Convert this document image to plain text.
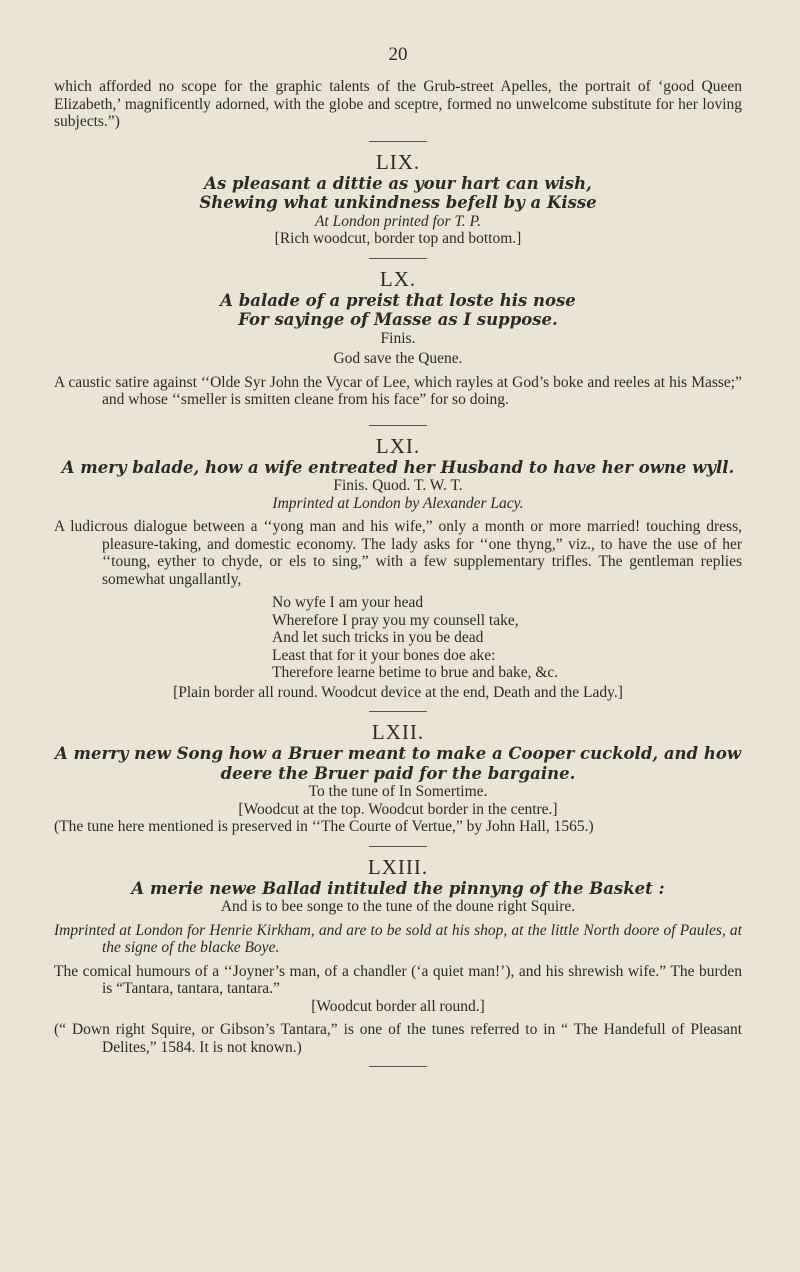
20

which afforded no scope for the graphic talents of the Grub-street Apelles, the portrait of ‘good Queen Elizabeth,’ magnificently adorned, with the globe and sceptre, formed no unwelcome substitute for her loving subjects.”)

LIX.
As pleasant a dittie as your hart can wish,
Shewing what unkindness befell by a Kisse

At London printed for T. P.

[Rich woodcut, border top and bottom.]

LX.
A balade of a preist that loste his nose
For sayinge of Masse as I suppose.

Finis.

God save the Quene.

A caustic satire against ‘‘Olde Syr John the Vycar of Lee, which rayles at God’s boke and reeles at his Masse;” and whose ‘‘smeller is smitten cleane from his face” for so doing.

LXI.
A mery balade, how a wife entreated her Husband to have her owne wyll.

Finis. Quod. T. W. T.

Imprinted at London by Alexander Lacy.

A ludicrous dialogue between a ‘‘yong man and his wife,” only a month or more married! touching dress, pleasure-taking, and domestic economy. The lady asks for ‘‘one thyng,” viz., to have the use of her ‘‘toung, eyther to chyde, or els to sing,” with a few supplementary trifles. The gentleman replies somewhat ungallantly,

No wyfe I am your head

Wherefore I pray you my counsell take,

And let such tricks in you be dead

Least that for it your bones doe ake:

Therefore learne betime to brue and bake, &c.

[Plain border all round. Woodcut device at the end, Death and the Lady.]

LXII.
A merry new Song how a Bruer meant to make a Cooper cuckold, and how
deere the Bruer paid for the bargaine.

To the tune of In Somertime.

[Woodcut at the top. Woodcut border in the centre.]

(The tune here mentioned is preserved in ‘‘The Courte of Vertue,” by John Hall, 1565.)

LXIII.
A merie newe Ballad intituled the pinnyng of the Basket :

And is to bee songe to the tune of the doune right Squire.

Imprinted at London for Henrie Kirkham, and are to be sold at his shop, at the little North doore of Paules, at the signe of the blacke Boye.

The comical humours of a ‘‘Joyner’s man, of a chandler (‘a quiet man!’), and his shrewish wife.” The burden is “Tantara, tantara, tantara.”

[Woodcut border all round.]

(“ Down right Squire, or Gibson’s Tantara,” is one of the tunes referred to in “ The Handefull of Pleasant Delites,” 1584. It is not known.)
